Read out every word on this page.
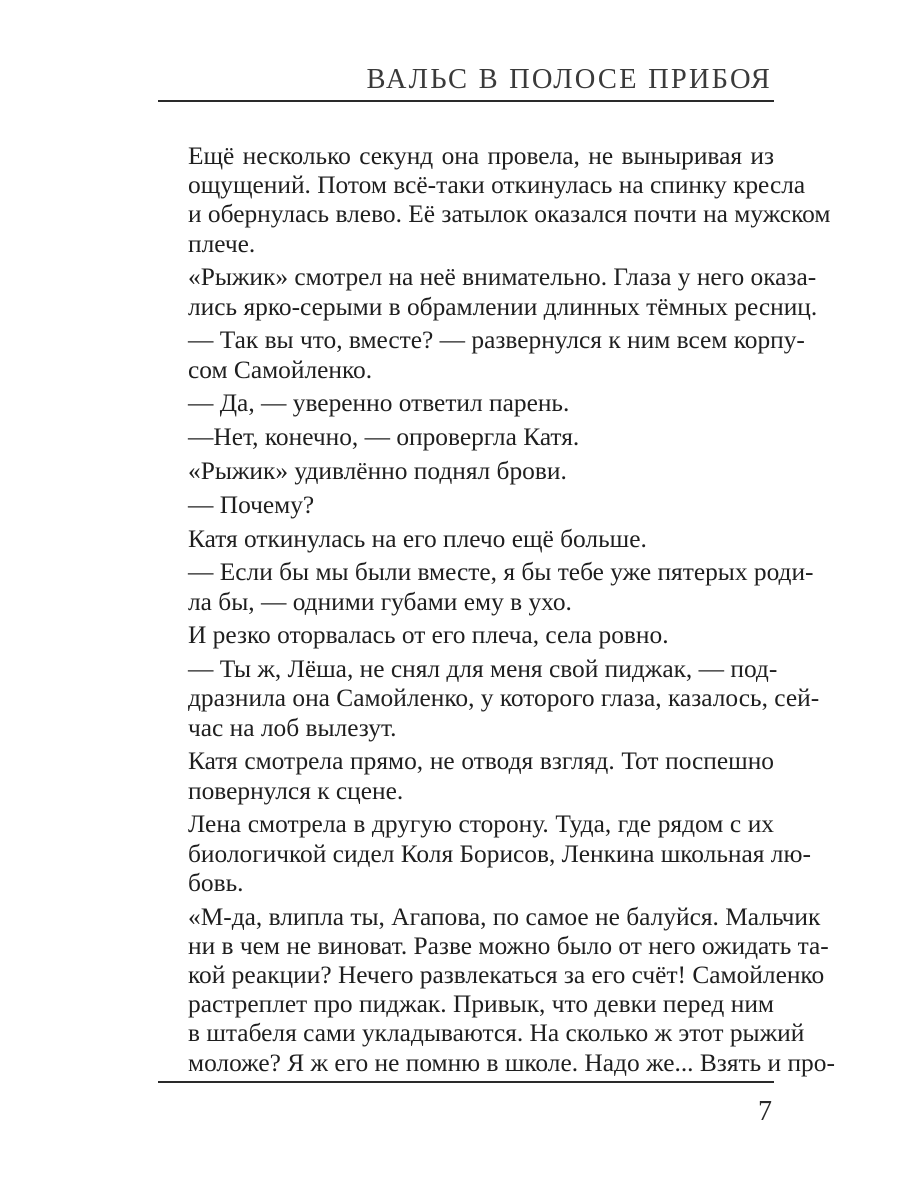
ВАЛЬС В ПОЛОСЕ ПРИБОЯ

Ещё несколько секунд она провела, не выныривая из
ощущений. Потом всё-таки откинулась на спинку кресла
и обернулась влево. Её затылок оказался почти на мужском
плече.

«Рыжик» смотрел на неё внимательно. Глаза у него оказа-
лись ярко-серыми в обрамлении длинных тёмных ресниц.

— Так вы что, вместе? — развернулся к ним всем корпу-
сом Самойленко.

— Да, — уверенно ответил парень.

—Нет, конечно, — опровергла Катя.

«Рыжик» удивлённо поднял брови.

— Почему?

Катя откинулась на его плечо ещё больше.

— Если бы мы были вместе, я бы тебе уже пятерых роди-
ла бы, — одними губами ему в ухо.

И резко оторвалась от его плеча, села ровно.

— Ты ж, Лёша, не снял для меня свой пиджак, — под-
дразнила она Самойленко, у которого глаза, казалось, сей-
час на лоб вылезут.

Катя смотрела прямо, не отводя взгляд. Тот поспешно
повернулся к сцене.

Лена смотрела в другую сторону. Туда, где рядом с их
биологичкой сидел Коля Борисов, Ленкина школьная лю-
бовь.

«М-да, влипла ты, Агапова, по самое не балуйся. Мальчик
ни в чем не виноват. Разве можно было от него ожидать та-
кой реакции? Нечего развлекаться за его счёт! Самойленко
растреплет про пиджак. Привык, что девки перед ним
в штабеля сами укладываются. На сколько ж этот рыжий
моложе? Я ж его не помню в школе. Надо же... Взять и про-

7
